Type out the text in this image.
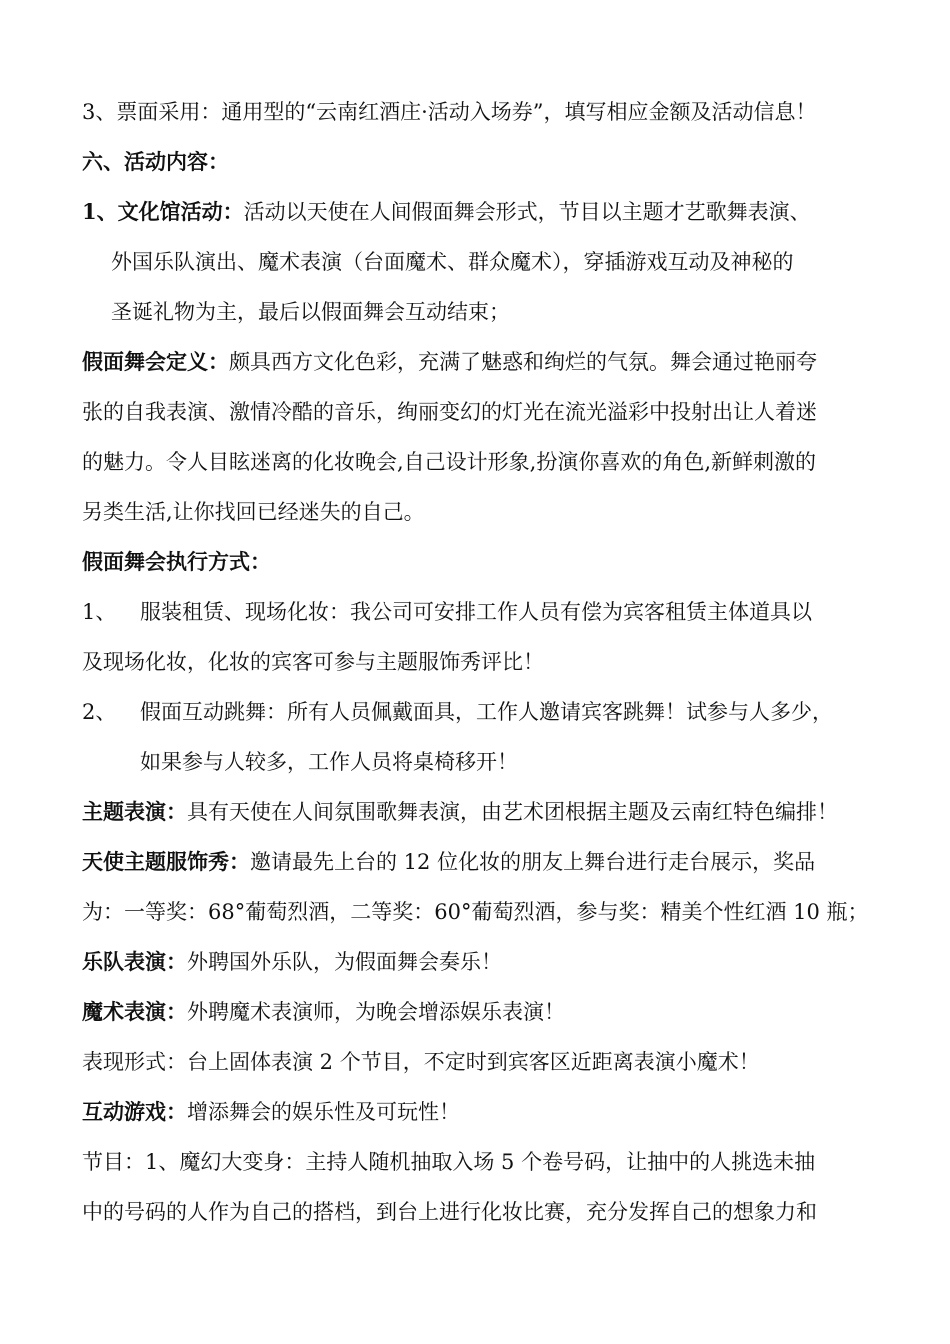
3、票面采用：通用型的“云南红酒庄·活动入场券”，填写相应金额及活动信息！
六、活动内容：
1、文化馆活动：活动以天使在人间假面舞会形式，节目以主题才艺歌舞表演、
外国乐队演出、魔术表演（台面魔术、群众魔术），穿插游戏互动及神秘的
圣诞礼物为主，最后以假面舞会互动结束；
假面舞会定义：颇具西方文化色彩，充满了魅惑和绚烂的气氛。舞会通过艳丽夸
张的自我表演、激情冷酷的音乐，绚丽变幻的灯光在流光溢彩中投射出让人着迷
的魅力。令人目眩迷离的化妆晚会,自己设计形象,扮演你喜欢的角色,新鲜刺激的
另类生活,让你找回已经迷失的自己。
假面舞会执行方式：
1、 服装租赁、现场化妆：我公司可安排工作人员有偿为宾客租赁主体道具以
及现场化妆，化妆的宾客可参与主题服饰秀评比！
2、 假面互动跳舞：所有人员佩戴面具，工作人邀请宾客跳舞！试参与人多少，
如果参与人较多，工作人员将桌椅移开！
主题表演：具有天使在人间氛围歌舞表演，由艺术团根据主题及云南红特色编排！
天使主题服饰秀：邀请最先上台的 12 位化妆的朋友上舞台进行走台展示，奖品
为：一等奖：68°葡萄烈酒，二等奖：60°葡萄烈酒，参与奖：精美个性红酒 10 瓶；
乐队表演：外聘国外乐队，为假面舞会奏乐！
魔术表演：外聘魔术表演师，为晚会增添娱乐表演！
表现形式：台上固体表演 2 个节目，不定时到宾客区近距离表演小魔术！
互动游戏：增添舞会的娱乐性及可玩性！
节目：1、魔幻大变身：主持人随机抽取入场 5 个卷号码，让抽中的人挑选未抽
中的号码的人作为自己的搭档，到台上进行化妆比赛，充分发挥自己的想象力和
